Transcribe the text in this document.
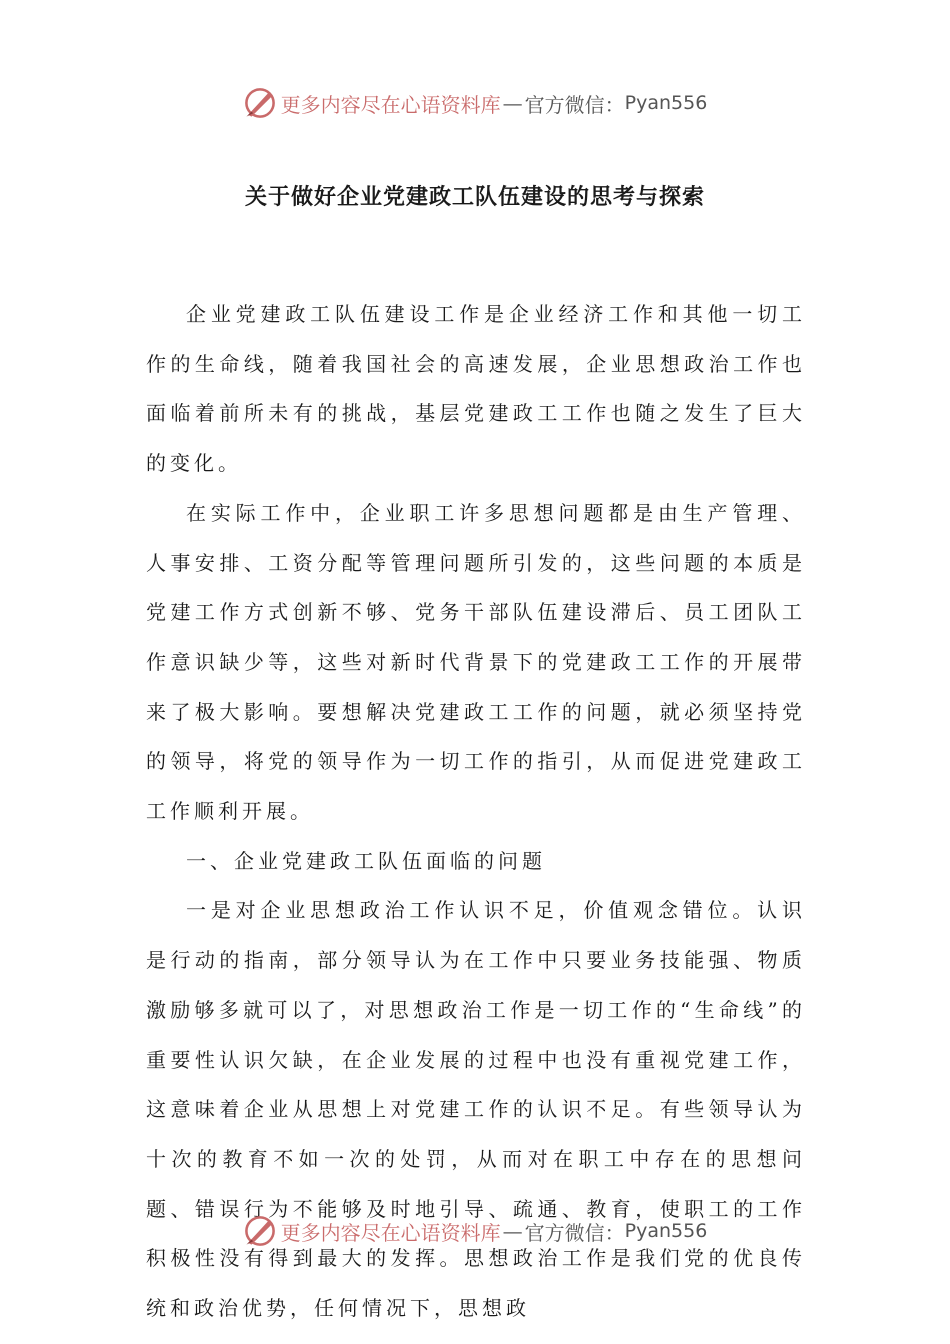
更多内容尽在心语资料库 — 官方微信： Pyan556
关于做好企业党建政工队伍建设的思考与探索

企业党建政工队伍建设工作是企业经济工作和其他一切工作的生命线，随着我国社会的高速发展，企业思想政治工作也面临着前所未有的挑战，基层党建政工工作也随之发生了巨大的变化。

在实际工作中，企业职工许多思想问题都是由生产管理、人事安排、工资分配等管理问题所引发的，这些问题的本质是党建工作方式创新不够、党务干部队伍建设滞后、员工团队工作意识缺少等，这些对新时代背景下的党建政工工作的开展带来了极大影响。要想解决党建政工工作的问题，就必须坚持党的领导，将党的领导作为一切工作的指引，从而促进党建政工工作顺利开展。

一、企业党建政工队伍面临的问题

一是对企业思想政治工作认识不足，价值观念错位。认识是行动的指南，部分领导认为在工作中只要业务技能强、物质激励够多就可以了，对思想政治工作是一切工作的“生命线”的重要性认识欠缺，在企业发展的过程中也没有重视党建工作，这意味着企业从思想上对党建工作的认识不足。有些领导认为十次的教育不如一次的处罚，从而对在职工中存在的思想问题、错误行为不能够及时地引导、疏通、教育，使职工的工作积极性没有得到最大的发挥。思想政治工作是我们党的优良传统和政治优势，任何情况下，思想政

更多内容尽在心语资料库 — 官方微信： Pyan556
